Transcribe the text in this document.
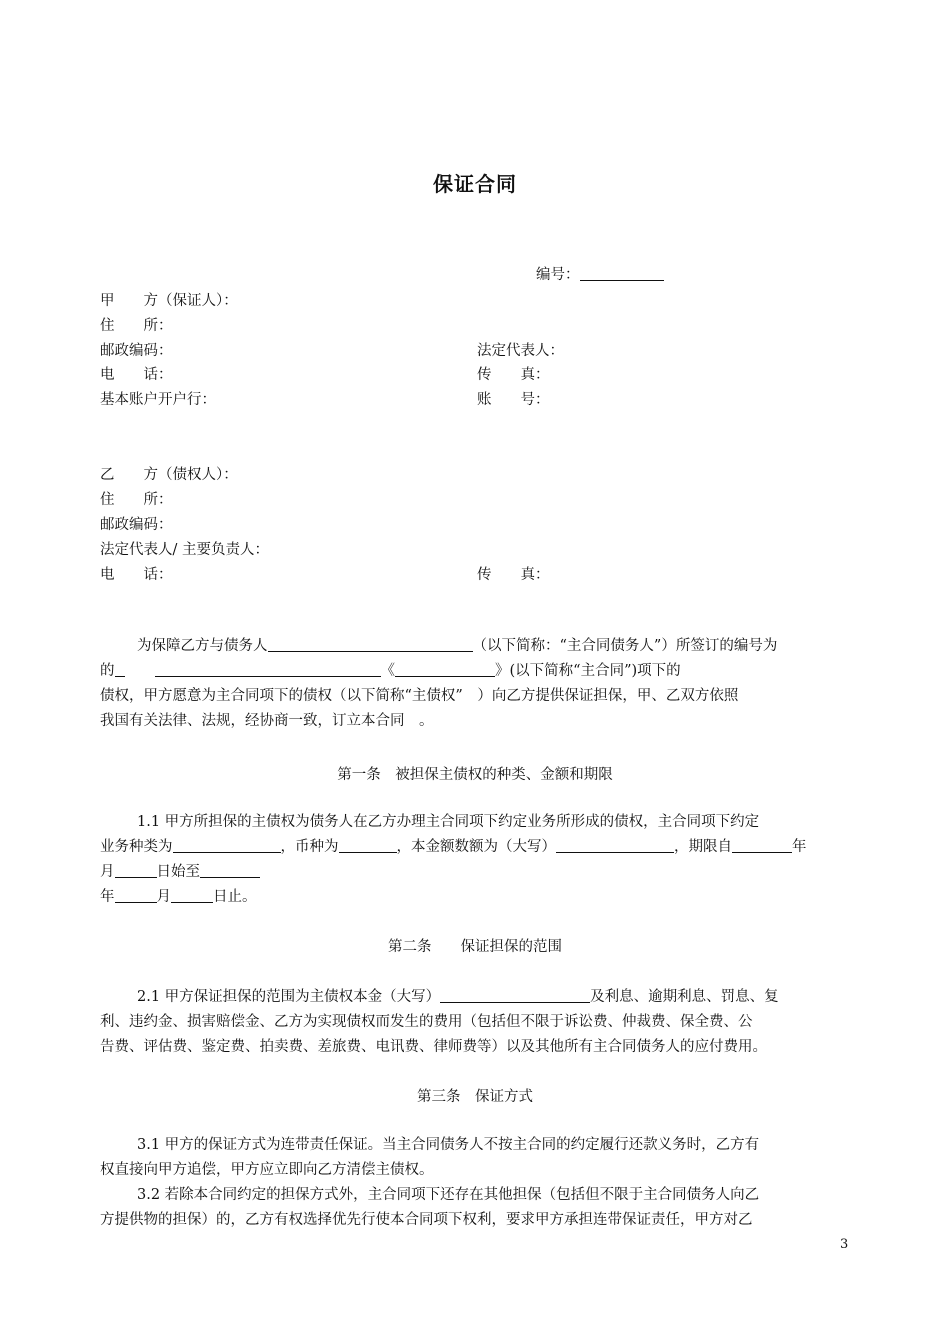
保证合同
编号：
甲　　方（保证人）：
住　　所：
邮政编码：	法定代表人：
电　　话：	传　　真：
基本账户开户行：	账　　号：
乙　　方（债权人）：
住　　所：
邮政编码：
法定代表人/ 主要负责人：
电　　话：	传　　真：

为保障乙方与债务人	（以下简称：“主合同债务人”）所签订的编号为

的	《	》(以下简称“主合同”)项下的

债权，甲方愿意为主合同项下的债权（以下简称“主债权”　）向乙方提供保证担保，甲、乙双方依照

我国有关法律、法规，经协商一致，订立本合同　。

第一条　被担保主债权的种类、金额和期限

1.1 甲方所担保的主债权为债务人在乙方办理主合同项下约定业务所形成的债权，主合同项下约定

业务种类为	，币种为	，本金额数额为（大写）	，期限自	年

月	日始至

年	月	日止。

第二条　　保证担保的范围

2.1 甲方保证担保的范围为主债权本金（大写）	及利息、逾期利息、罚息、复

利、违约金、损害赔偿金、乙方为实现债权而发生的费用（包括但不限于诉讼费、仲裁费、保全费、公

告费、评估费、鉴定费、拍卖费、差旅费、电讯费、律师费等）以及其他所有主合同债务人的应付费用。

第三条　保证方式

3.1 甲方的保证方式为连带责任保证。当主合同债务人不按主合同的约定履行还款义务时，乙方有

权直接向甲方追偿，甲方应立即向乙方清偿主债权。

3.2 若除本合同约定的担保方式外，主合同项下还存在其他担保（包括但不限于主合同债务人向乙

方提供物的担保）的，乙方有权选择优先行使本合同项下权利，要求甲方承担连带保证责任，甲方对乙

3
